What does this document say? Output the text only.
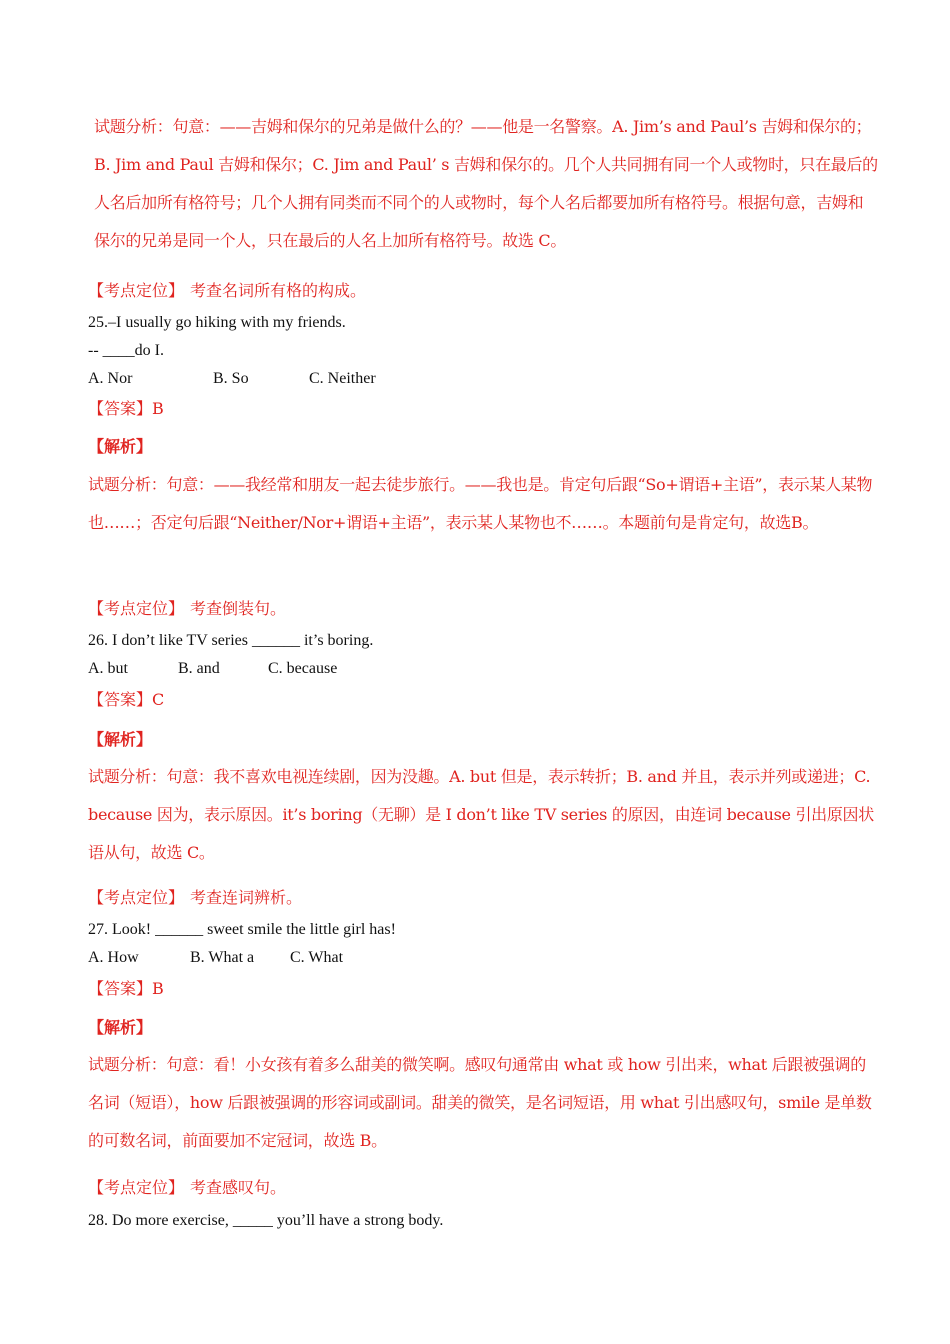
试题分析：句意：——吉姆和保尔的兄弟是做什么的？——他是一名警察。A. Jim’s and Paul’s 吉姆和保尔的；B. Jim and Paul 吉姆和保尔；C. Jim and Paul’ s 吉姆和保尔的。几个人共同拥有同一个人或物时，只在最后的人名后加所有格符号；几个人拥有同类而不同个的人或物时，每个人名后都要加所有格符号。根据句意，吉姆和保尔的兄弟是同一个人，只在最后的人名上加所有格符号。故选 C。
【考点定位】 考查名词所有格的构成。
25.–I usually go hiking with my friends.
-- ____do I.
A. Nor	B. So	C. Neither
【答案】B
【解析】
试题分析：句意：——我经常和朋友一起去徒步旅行。——我也是。肯定句后跟“So+谓语+主语”，表示某人某物也……；否定句后跟“Neither/Nor+谓语+主语”，表示某人某物也不……。本题前句是肯定句，故选B。
【考点定位】 考查倒装句。
26. I don’t like TV series ______ it’s boring.
A. but	B. and	C. because
【答案】C
【解析】
试题分析：句意：我不喜欢电视连续剧，因为没趣。A. but 但是，表示转折；B. and 并且，表示并列或递进；C. because 因为，表示原因。it’s boring（无聊）是 I don’t like TV series 的原因，由连词 because 引出原因状语从句，故选 C。
【考点定位】 考查连词辨析。
27. Look! ______ sweet smile the little girl has!
A. How	B. What a C. What
【答案】B
【解析】
试题分析：句意：看！小女孩有着多么甜美的微笑啊。感叹句通常由 what 或 how 引出来，what 后跟被强调的名词（短语），how 后跟被强调的形容词或副词。甜美的微笑，是名词短语，用 what 引出感叹句，smile 是单数的可数名词，前面要加不定冠词，故选 B。
【考点定位】 考查感叹句。
28. Do more exercise, _____ you’ll have a strong body.
